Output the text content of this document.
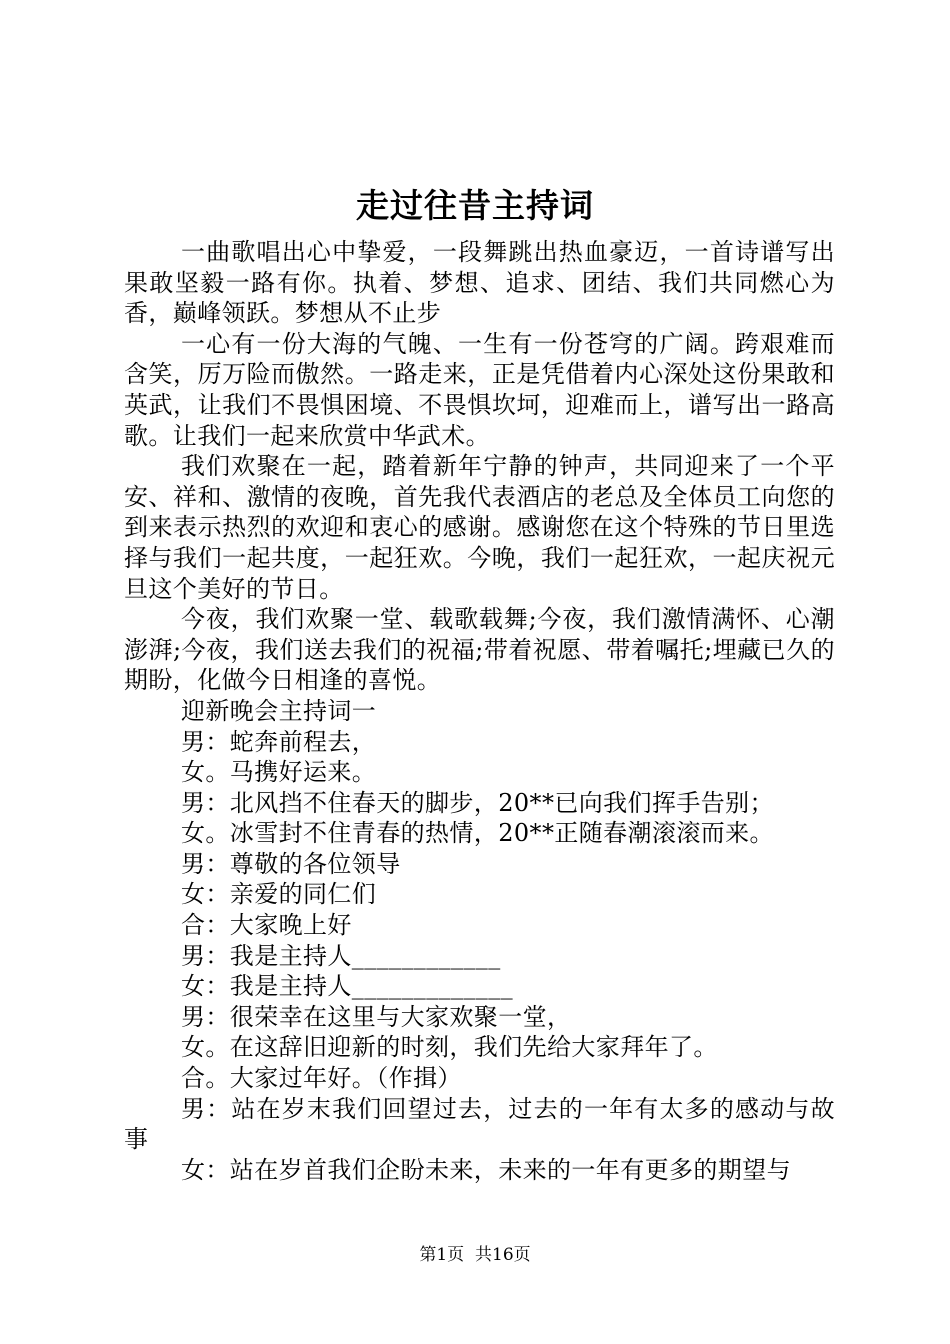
走过往昔主持词

一曲歌唱出心中挚爱，一段舞跳出热血豪迈，一首诗谱写出果敢坚毅一路有你。执着、梦想、追求、团结、我们共同燃心为香，巅峰领跃。梦想从不止步

一心有一份大海的气魄、一生有一份苍穹的广阔。跨艰难而含笑，厉万险而傲然。一路走来，正是凭借着内心深处这份果敢和英武，让我们不畏惧困境、不畏惧坎坷，迎难而上，谱写出一路高歌。让我们一起来欣赏中华武术。

我们欢聚在一起，踏着新年宁静的钟声，共同迎来了一个平安、祥和、激情的夜晚，首先我代表酒店的老总及全体员工向您的到来表示热烈的欢迎和衷心的感谢。感谢您在这个特殊的节日里选择与我们一起共度，一起狂欢。今晚，我们一起狂欢，一起庆祝元旦这个美好的节日。

今夜，我们欢聚一堂、载歌载舞;今夜，我们激情满怀、心潮澎湃;今夜，我们送去我们的祝福;带着祝愿、带着嘱托;埋藏已久的期盼，化做今日相逢的喜悦。

迎新晚会主持词一

男：蛇奔前程去，

女。马携好运来。

男：北风挡不住春天的脚步，20**已向我们挥手告别；

女。冰雪封不住青春的热情，20**正随春潮滚滚而来。

男：尊敬的各位领导

女：亲爱的同仁们

合：大家晚上好

男：我是主持人____________

女：我是主持人_____________

男：很荣幸在这里与大家欢聚一堂，

女。在这辞旧迎新的时刻，我们先给大家拜年了。

合。大家过年好。（作揖）

男：站在岁末我们回望过去，过去的一年有太多的感动与故事

女：站在岁首我们企盼未来，未来的一年有更多的期望与

第1页 共16页
